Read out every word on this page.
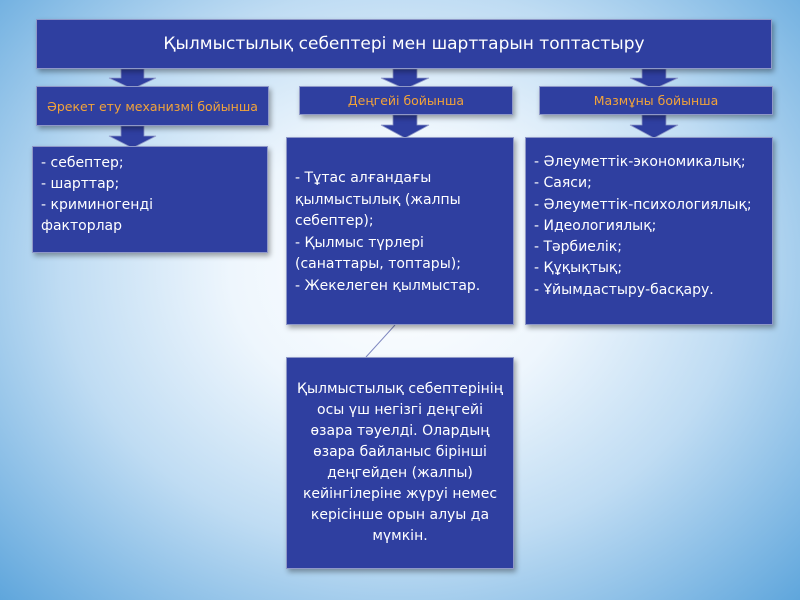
Қылмыстылық себептері мен шарттарын топтастыру
Әрекет ету механизмі бойынша	Деңгейі бойынша	Мазмұны бойынша
- себептер;
- шарттар;
- криминогенді
факторлар
- Тұтас алғандағы
қылмыстылық (жалпы
себептер);
- Қылмыс түрлері
(санаттары, топтары);
- Жекелеген қылмыстар.
- Әлеуметтік-экономикалық;
- Саяси;
- Әлеуметтік-психологиялық;
- Идеологиялық;
- Тәрбиелік;
- Құқықтық;
- Ұйымдастыру-басқару.
Қылмыстылық себептерінің осы үш негізгі деңгейі өзара тәуелді. Олардың өзара байланыс бірінші деңгейден (жалпы) кейінгілеріне жүруі немес керісінше орын алуы да мүмкін.
